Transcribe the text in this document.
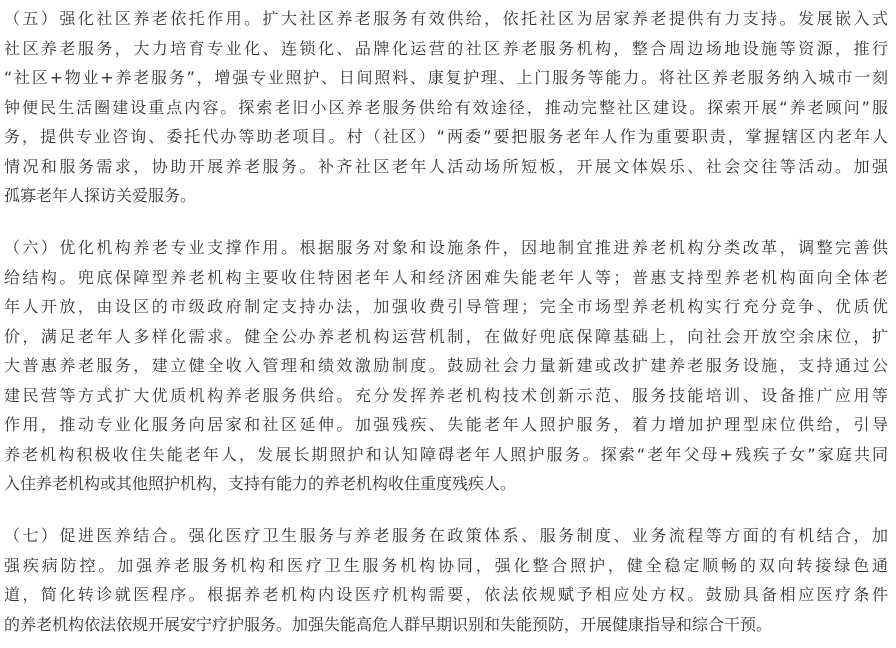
（五）强化社区养老依托作用。扩大社区养老服务有效供给，依托社区为居家养老提供有力支持。发展嵌入式
社区养老服务，大力培育专业化、连锁化、品牌化运营的社区养老服务机构，整合周边场地设施等资源，推行
“社区+物业+养老服务”，增强专业照护、日间照料、康复护理、上门服务等能力。将社区养老服务纳入城市一刻
钟便民生活圈建设重点内容。探索老旧小区养老服务供给有效途径，推动完整社区建设。探索开展“养老顾问”服
务，提供专业咨询、委托代办等助老项目。村（社区）“两委”要把服务老年人作为重要职责，掌握辖区内老年人
情况和服务需求，协助开展养老服务。补齐社区老年人活动场所短板，开展文体娱乐、社会交往等活动。加强
孤寡老年人探访关爱服务。
（六）优化机构养老专业支撑作用。根据服务对象和设施条件，因地制宜推进养老机构分类改革，调整完善供
给结构。兜底保障型养老机构主要收住特困老年人和经济困难失能老年人等；普惠支持型养老机构面向全体老
年人开放，由设区的市级政府制定支持办法，加强收费引导管理；完全市场型养老机构实行充分竞争、优质优
价，满足老年人多样化需求。健全公办养老机构运营机制，在做好兜底保障基础上，向社会开放空余床位，扩
大普惠养老服务，建立健全收入管理和绩效激励制度。鼓励社会力量新建或改扩建养老服务设施，支持通过公
建民营等方式扩大优质机构养老服务供给。充分发挥养老机构技术创新示范、服务技能培训、设备推广应用等
作用，推动专业化服务向居家和社区延伸。加强残疾、失能老年人照护服务，着力增加护理型床位供给，引导
养老机构积极收住失能老年人，发展长期照护和认知障碍老年人照护服务。探索“老年父母+残疾子女”家庭共同
入住养老机构或其他照护机构，支持有能力的养老机构收住重度残疾人。
（七）促进医养结合。强化医疗卫生服务与养老服务在政策体系、服务制度、业务流程等方面的有机结合，加
强疾病防控。加强养老服务机构和医疗卫生服务机构协同，强化整合照护，健全稳定顺畅的双向转接绿色通
道，简化转诊就医程序。根据养老机构内设医疗机构需要，依法依规赋予相应处方权。鼓励具备相应医疗条件
的养老机构依法依规开展安宁疗护服务。加强失能高危人群早期识别和失能预防，开展健康指导和综合干预。
